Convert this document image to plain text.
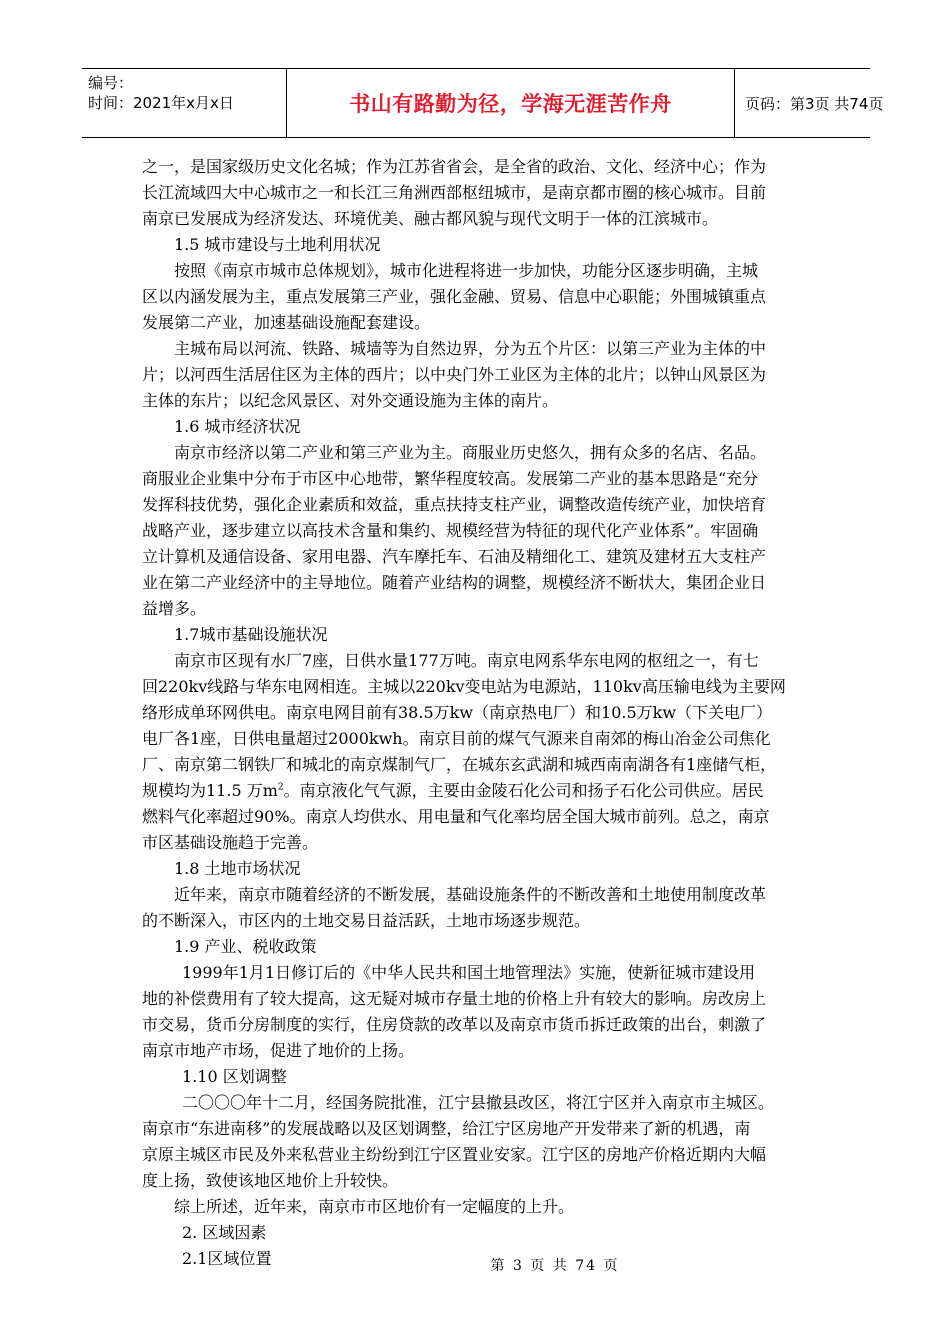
编号：
时间：2021年x月x日	书山有路勤为径，学海无涯苦作舟	页码：第3页 共74页
之一，是国家级历史文化名城；作为江苏省省会，是全省的政治、文化、经济中心；作为
长江流域四大中心城市之一和长江三角洲西部枢纽城市，是南京都市圈的核心城市。目前
南京已发展成为经济发达、环境优美、融古都风貌与现代文明于一体的江滨城市。
1.5 城市建设与土地利用状况
按照《南京市城市总体规划》，城市化进程将进一步加快，功能分区逐步明确，主城
区以内涵发展为主，重点发展第三产业，强化金融、贸易、信息中心职能；外围城镇重点
发展第二产业，加速基础设施配套建设。
主城布局以河流、铁路、城墙等为自然边界，分为五个片区：以第三产业为主体的中
片；以河西生活居住区为主体的西片；以中央门外工业区为主体的北片；以钟山风景区为
主体的东片；以纪念风景区、对外交通设施为主体的南片。
1.6 城市经济状况
南京市经济以第二产业和第三产业为主。商服业历史悠久，拥有众多的名店、名品。
商服业企业集中分布于市区中心地带，繁华程度较高。发展第二产业的基本思路是“充分
发挥科技优势，强化企业素质和效益，重点扶持支柱产业，调整改造传统产业，加快培育
战略产业，逐步建立以高技术含量和集约、规模经营为特征的现代化产业体系”。牢固确
立计算机及通信设备、家用电器、汽车摩托车、石油及精细化工、建筑及建材五大支柱产
业在第二产业经济中的主导地位。随着产业结构的调整，规模经济不断状大，集团企业日
益增多。
1.7城市基础设施状况
南京市区现有水厂7座，日供水量177万吨。南京电网系华东电网的枢纽之一，有七
回220kv线路与华东电网相连。主城以220kv变电站为电源站，110kv高压输电线为主要网
络形成单环网供电。南京电网目前有38.5万kw（南京热电厂）和10.5万kw（下关电厂）
电厂各1座，日供电量超过2000kwh。南京目前的煤气气源来自南郊的梅山冶金公司焦化
厂、南京第二钢铁厂和城北的南京煤制气厂，在城东玄武湖和城西南南湖各有1座储气柜，
规模均为11.5 万$m^2$。南京液化气气源，主要由金陵石化公司和扬子石化公司供应。居民
燃料气化率超过90%。南京人均供水、用电量和气化率均居全国大城市前列。总之，南京
市区基础设施趋于完善。
1.8 土地市场状况
近年来，南京市随着经济的不断发展，基础设施条件的不断改善和土地使用制度改革
的不断深入，市区内的土地交易日益活跃，土地市场逐步规范。
1.9 产业、税收政策
1999年1月1日修订后的《中华人民共和国土地管理法》实施，使新征城市建设用
地的补偿费用有了较大提高，这无疑对城市存量土地的价格上升有较大的影响。房改房上
市交易，货币分房制度的实行，住房贷款的改革以及南京市货币拆迁政策的出台，刺激了
南京市地产市场，促进了地价的上扬。
1.10 区划调整
二〇〇〇年十二月，经国务院批准，江宁县撤县改区，将江宁区并入南京市主城区。
南京市“东进南移”的发展战略以及区划调整，给江宁区房地产开发带来了新的机遇，南
京原主城区市民及外来私营业主纷纷到江宁区置业安家。江宁区的房地产价格近期内大幅
度上扬，致使该地区地价上升较快。
综上所述，近年来，南京市市区地价有一定幅度的上升。
2. 区域因素
2.1区域位置	第 3 页 共 74 页
